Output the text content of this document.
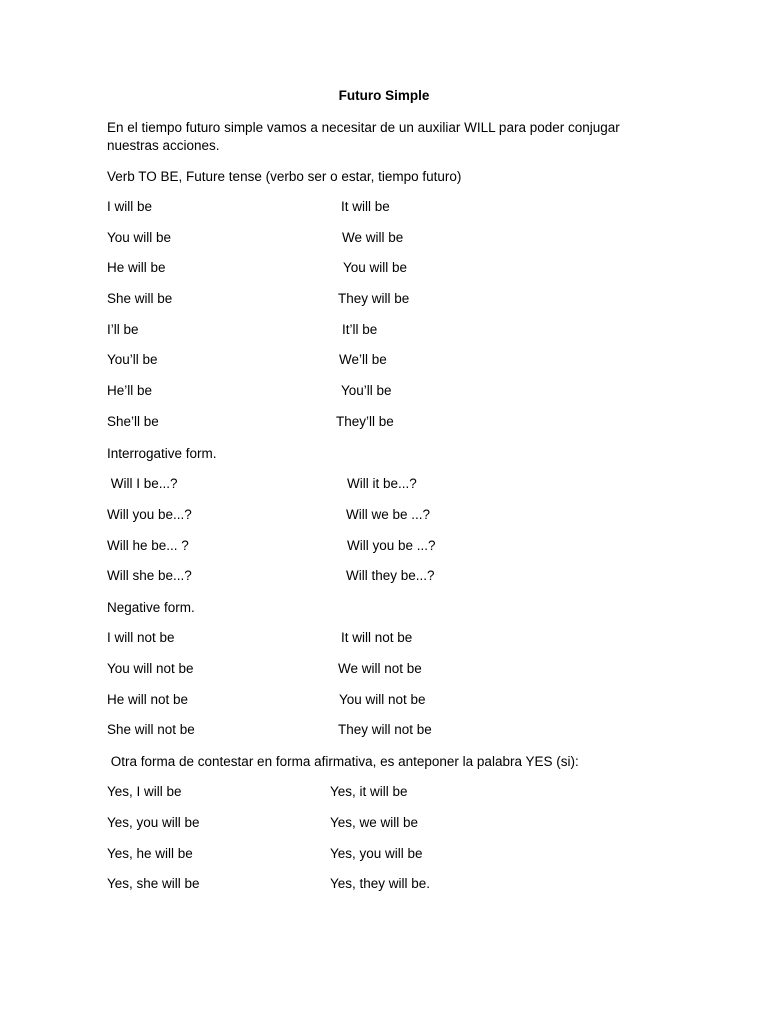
Futuro Simple
En el tiempo futuro simple vamos a necesitar de un auxiliar WILL para poder conjugar nuestras acciones.
Verb TO BE, Future tense (verbo ser o estar, tiempo futuro)
I will be	It will be
You will be	We will be
He will be	You will be
She will be	They will be
I’ll be	It’ll be
You’ll be	We’ll be
He’ll be	You’ll be
She’ll be	They’ll be
Interrogative form.
Will I be...?	Will it be...?
Will you be...?	Will we be ...?
Will he be... ?	Will you be ...?
Will she be...?	Will they be...?
Negative form.
I will not be	It will not be
You will not be	We will not be
He will not be	You will not be
She will not be	They will not be
Otra forma de contestar en forma afirmativa, es anteponer la palabra YES (si):
Yes, I will be	Yes, it will be
Yes, you will be	Yes, we will be
Yes, he will be	Yes, you will be
Yes, she will be	Yes, they will be.
